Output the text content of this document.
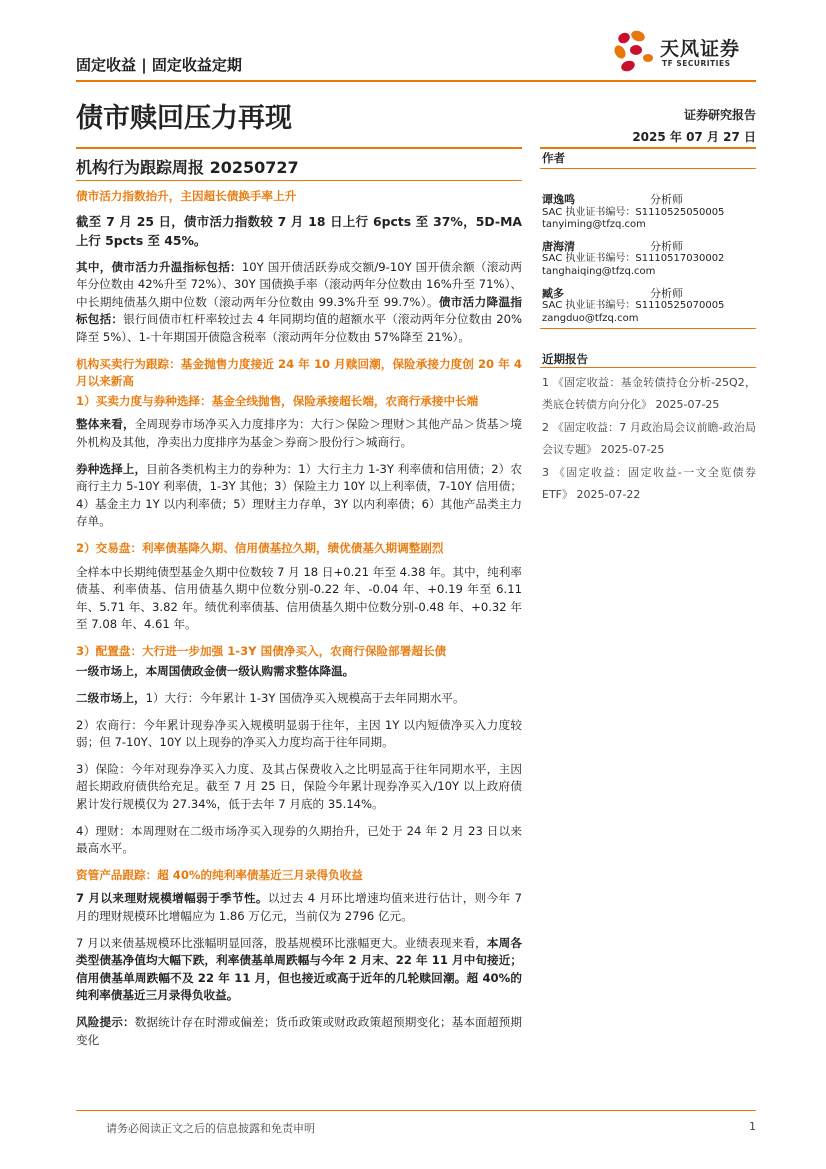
固定收益 | 固定收益定期
天风证券
TF SECURITIES
债市赎回压力再现	证券研究报告
2025 年 07 月 27 日
机构行为跟踪周报 20250727	作者

债市活力指数抬升，主因超长债换手率上升

截至 7 月 25 日，债市活力指数较 7 月 18 日上行 6pcts 至 37%，5D-MA 上行 5pcts 至 45%。

其中，债市活力升温指标包括：10Y 国开债活跃券成交额/9-10Y 国开债余额（滚动两年分位数由 42%升至 72%）、30Y 国债换手率（滚动两年分位数由 16%升至 71%）、中长期纯债基久期中位数（滚动两年分位数由 99.3%升至 99.7%）。债市活力降温指标包括：银行间债市杠杆率较过去 4 年同期均值的超额水平（滚动两年分位数由 20%降至 5%）、1-十年期国开债隐含税率（滚动两年分位数由 57%降至 21%）。

机构买卖行为跟踪：基金抛售力度接近 24 年 10 月赎回潮，保险承接力度创 20 年 4 月以来新高

1）买卖力度与券种选择：基金全线抛售，保险承接超长端，农商行承接中长端

整体来看，全周现券市场净买入力度排序为：大行＞保险＞理财＞其他产品＞货基＞境外机构及其他，净卖出力度排序为基金＞券商＞股份行＞城商行。

券种选择上，目前各类机构主力的券种为：1）大行主力 1-3Y 利率债和信用债；2）农商行主力 5-10Y 利率债，1-3Y 其他；3）保险主力 10Y 以上利率债，7-10Y 信用债；4）基金主力 1Y 以内利率债；5）理财主力存单，3Y 以内利率债；6）其他产品类主力存单。

2）交易盘：利率债基降久期、信用债基拉久期，绩优债基久期调整剧烈

全样本中长期纯债型基金久期中位数较 7 月 18 日+0.21 年至 4.38 年。其中，纯利率债基、利率债基、信用债基久期中位数分别-0.22 年、-0.04 年、+0.19 年至 6.11 年、5.71 年、3.82 年。绩优利率债基、信用债基久期中位数分别-0.48 年、+0.32 年至 7.08 年、4.61 年。

3）配置盘：大行进一步加强 1-3Y 国债净买入，农商行保险部署超长债

一级市场上，本周国债政金债一级认购需求整体降温。

二级市场上，1）大行：今年累计 1-3Y 国债净买入规模高于去年同期水平。

2）农商行：今年累计现券净买入规模明显弱于往年，主因 1Y 以内短债净买入力度较弱；但 7-10Y、10Y 以上现券的净买入力度均高于往年同期。

3）保险：今年对现券净买入力度、及其占保费收入之比明显高于往年同期水平，主因超长期政府债供给充足。截至 7 月 25 日，保险今年累计现券净买入/10Y 以上政府债累计发行规模仅为 27.34%，低于去年 7 月底的 35.14%。

4）理财：本周理财在二级市场净买入现券的久期抬升，已处于 24 年 2 月 23 日以来最高水平。

资管产品跟踪：超 40%的纯利率债基近三月录得负收益

7 月以来理财规模增幅弱于季节性。以过去 4 月环比增速均值来进行估计，则今年 7 月的理财规模环比增幅应为 1.86 万亿元，当前仅为 2796 亿元。

7 月以来债基规模环比涨幅明显回落，股基规模环比涨幅更大。业绩表现来看，本周各类型债基净值均大幅下跌，利率债基单周跌幅与今年 2 月末、22 年 11 月中旬接近；信用债基单周跌幅不及 22 年 11 月，但也接近或高于近年的几轮赎回潮。超 40%的纯利率债基近三月录得负收益。

风险提示：数据统计存在时滞或偏差；货币政策或财政政策超预期变化；基本面超预期变化

谭逸鸣	分析师
SAC 执业证书编号：S1110525050005
tanyiming@tfzq.com
唐海清	分析师
SAC 执业证书编号：S1110517030002
tanghaiqing@tfzq.com
臧多	分析师
SAC 执业证书编号：S1110525070005
zangduo@tfzq.com
近期报告
1 《固定收益：基金转债持仓分析-25Q2，类底仓转债方向分化》 2025-07-25
2 《固定收益：7 月政治局会议前瞻-政治局会议专题》 2025-07-25
3 《固定收益：固定收益-一文全览债券 ETF》 2025-07-22
请务必阅读正文之后的信息披露和免责申明	1
